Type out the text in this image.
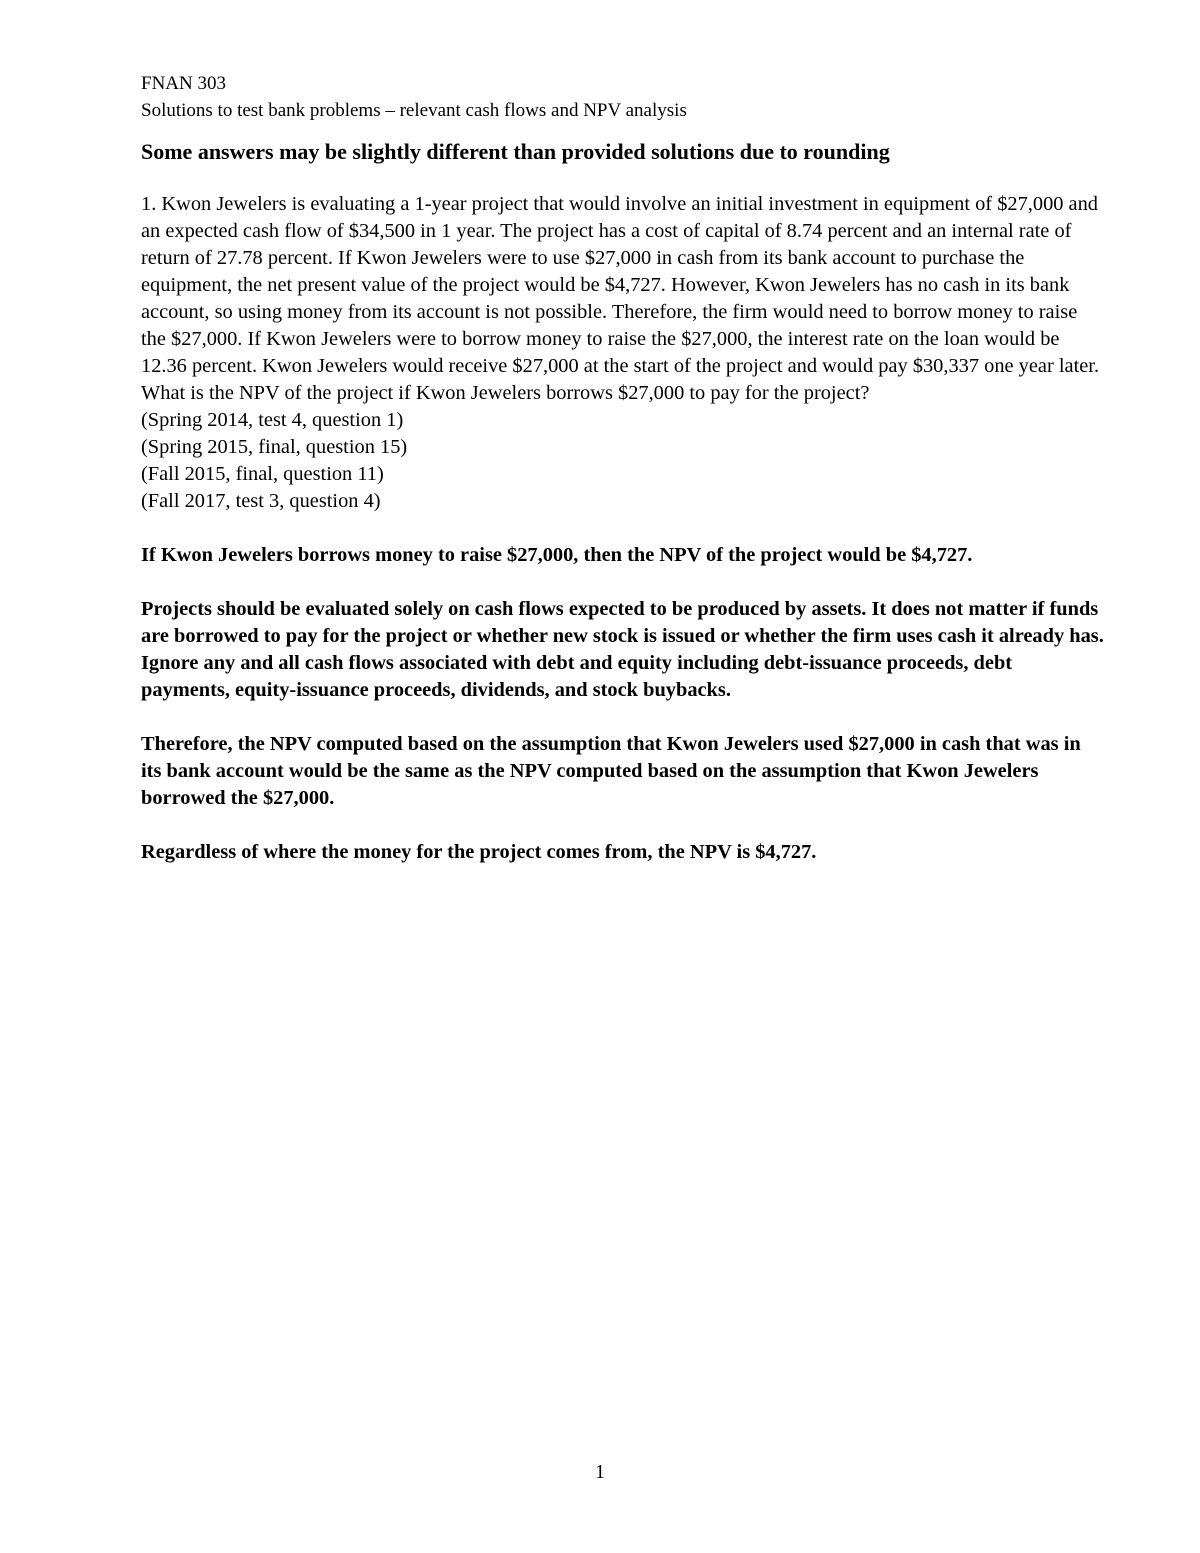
FNAN 303

Solutions to test bank problems – relevant cash flows and NPV analysis

Some answers may be slightly different than provided solutions due to rounding

1. Kwon Jewelers is evaluating a 1-year project that would involve an initial investment in equipment of $27,000 and an expected cash flow of $34,500 in 1 year. The project has a cost of capital of 8.74 percent and an internal rate of return of 27.78 percent. If Kwon Jewelers were to use $27,000 in cash from its bank account to purchase the equipment, the net present value of the project would be $4,727. However, Kwon Jewelers has no cash in its bank account, so using money from its account is not possible. Therefore, the firm would need to borrow money to raise the $27,000. If Kwon Jewelers were to borrow money to raise the $27,000, the interest rate on the loan would be 12.36 percent. Kwon Jewelers would receive $27,000 at the start of the project and would pay $30,337 one year later. What is the NPV of the project if Kwon Jewelers borrows $27,000 to pay for the project?

(Spring 2014, test 4, question 1)

(Spring 2015, final, question 15)

(Fall 2015, final, question 11)

(Fall 2017, test 3, question 4)

If Kwon Jewelers borrows money to raise $27,000, then the NPV of the project would be $4,727.

Projects should be evaluated solely on cash flows expected to be produced by assets. It does not matter if funds are borrowed to pay for the project or whether new stock is issued or whether the firm uses cash it already has. Ignore any and all cash flows associated with debt and equity including debt-issuance proceeds, debt payments, equity-issuance proceeds, dividends, and stock buybacks.

Therefore, the NPV computed based on the assumption that Kwon Jewelers used $27,000 in cash that was in its bank account would be the same as the NPV computed based on the assumption that Kwon Jewelers borrowed the $27,000.

Regardless of where the money for the project comes from, the NPV is $4,727.

1
